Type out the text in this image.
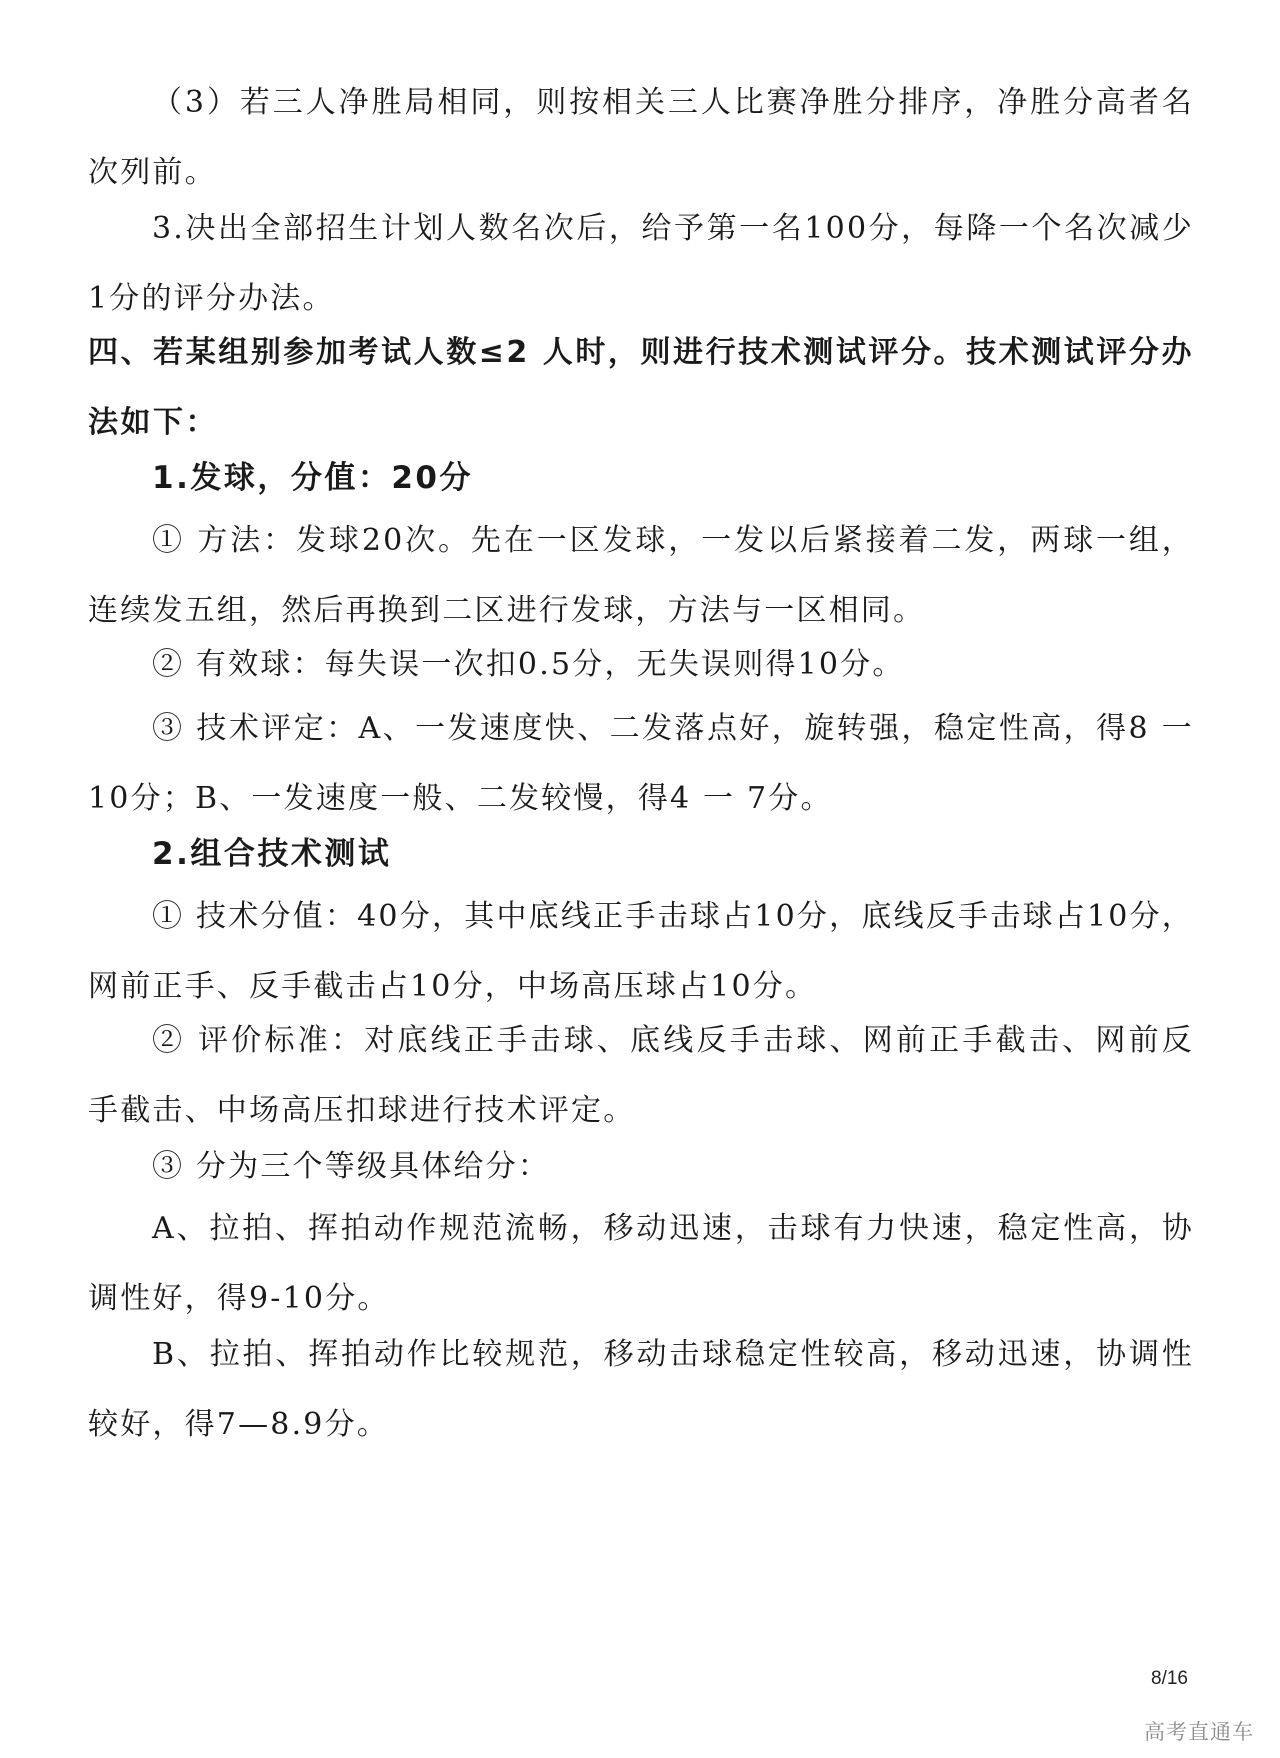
（3）若三人净胜局相同，则按相关三人比赛净胜分排序，净胜分高者名次列前。

3.决出全部招生计划人数名次后，给予第一名100分，每降一个名次减少1分的评分办法。

四、若某组别参加考试人数≤2 人时，则进行技术测试评分。技术测试评分办法如下：

1.发球，分值：20分

① 方法：发球20次。先在一区发球，一发以后紧接着二发，两球一组，连续发五组，然后再换到二区进行发球，方法与一区相同。

② 有效球：每失误一次扣0.5分，无失误则得10分。

③ 技术评定：A、一发速度快、二发落点好，旋转强，稳定性高，得8 一 10分；B、一发速度一般、二发较慢，得4 一 7分。

2.组合技术测试

① 技术分值：40分，其中底线正手击球占10分，底线反手击球占10分，网前正手、反手截击占10分，中场高压球占10分。

② 评价标准：对底线正手击球、底线反手击球、网前正手截击、网前反手截击、中场高压扣球进行技术评定。

③ 分为三个等级具体给分：

A、拉拍、挥拍动作规范流畅，移动迅速，击球有力快速，稳定性高，协调性好，得9-10分。

B、拉拍、挥拍动作比较规范，移动击球稳定性较高，移动迅速，协调性较好，得7—8.9分。

8/16
高考直通车
